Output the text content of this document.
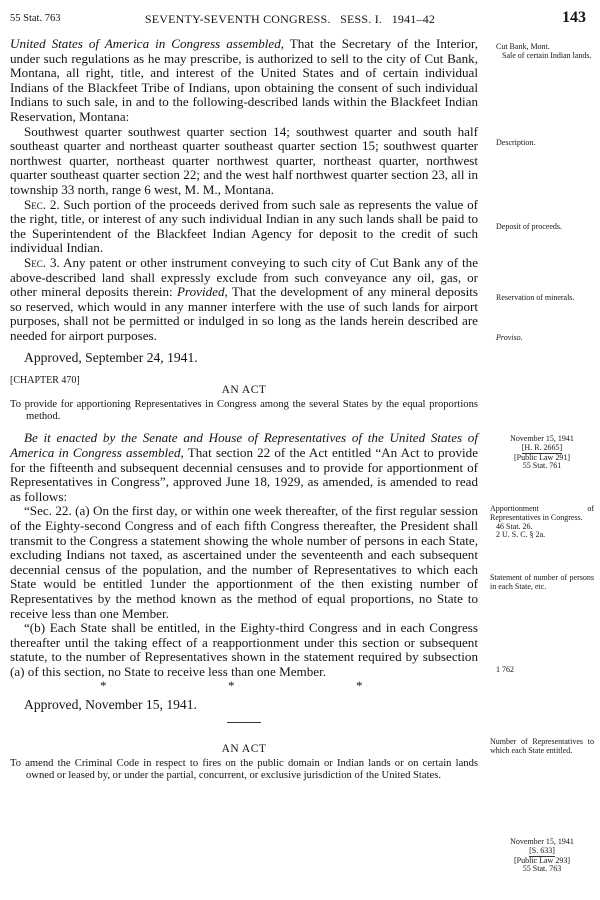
55 Stat. 763	SEVENTY-SEVENTH CONGRESS.   SESS. I.   1941–42	143

United States of America in Congress assembled, That the Secretary of the Interior, under such regulations as he may prescribe, is authorized to sell to the city of Cut Bank, Montana, all right, title, and interest of the United States and of certain individual Indians of the Blackfeet Tribe of Indians, upon obtaining the consent of such individual Indians to such sale, in and to the following-described lands within the Blackfeet Indian Reservation, Montana:

Southwest quarter southwest quarter section 14; southwest quarter and south half southeast quarter and northeast quarter southeast quarter section 15; southwest quarter northwest quarter, northeast quarter northwest quarter, northeast quarter, northwest quarter southeast quarter section 22; and the west half northwest quarter section 23, all in township 33 north, range 6 west, M. M., Montana.

Sec. 2. Such portion of the proceeds derived from such sale as represents the value of the right, title, or interest of any such individual Indian in any such lands shall be paid to the Superintendent of the Blackfeet Indian Agency for deposit to the credit of such individual Indian.

Sec. 3. Any patent or other instrument conveying to such city of Cut Bank any of the above-described land shall expressly exclude from such conveyance any oil, gas, or other mineral deposits therein: Provided, That the development of any mineral deposits so reserved, which would in any manner interfere with the use of such lands for airport purposes, shall not be permitted or indulged in so long as the lands herein described are needed for airport purposes.

Approved, September 24, 1941.
[CHAPTER 470]
AN ACT

To provide for apportioning Representatives in Congress among the several States by the equal proportions method.

Be it enacted by the Senate and House of Representatives of the United States of America in Congress assembled, That section 22 of the Act entitled “An Act to provide for the fifteenth and subsequent decennial censuses and to provide for apportionment of Representatives in Congress”, approved June 18, 1929, as amended, is amended to read as follows:

“Sec. 22. (a) On the first day, or within one week thereafter, of the first regular session of the Eighty-second Congress and of each fifth Congress thereafter, the President shall transmit to the Congress a statement showing the whole number of persons in each State, excluding Indians not taxed, as ascertained under the seventeenth and each subsequent decennial census of the population, and the number of Representatives to which each State would be entitled 1under the apportionment of the then existing number of Representatives by the method known as the method of equal proportions, no State to receive less than one Member.

“(b) Each State shall be entitled, in the Eighty-third Congress and in each Congress thereafter until the taking effect of a reapportionment under this section or subsequent statute, to the number of Representatives shown in the statement required by subsection (a) of this section, no State to receive less than one Member.

*	*	*
Approved, November 15, 1941.
AN ACT

To amend the Criminal Code in respect to fires on the public domain or Indian lands or on certain lands owned or leased by, or under the partial, concurrent, or exclusive jurisdiction of the United States.

Cut Bank, Mont.
Sale of certain Indian lands.
Description.
Deposit of proceeds.
Reservation of minerals.
Proviso.
November 15, 1941
[H. R. 2665]
[Public Law 291]
55 Stat. 761
Apportionment of Representatives in Congress.
46 Stat. 26.
2 U. S. C. § 2a.
Statement of number of persons in each State, etc.
1 762
Number of Representatives to which each State entitled.
November 15, 1941
[S. 633]
[Public Law 293]
55 Stat. 763
